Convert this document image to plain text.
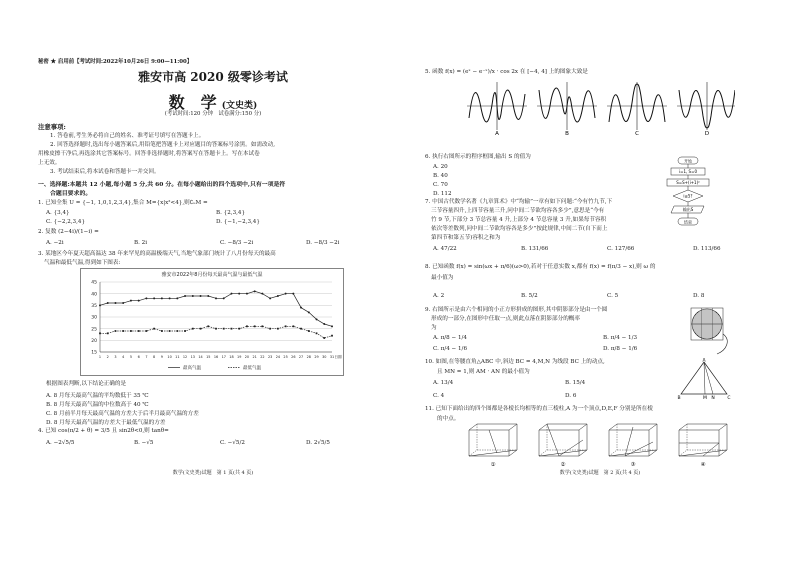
秘密 ★ 启用前【考试时间:2022年10月26日 9:00—11:00】
雅安市高 2020 级零诊考试
数　学 (文史类)
(考试时间:120 分钟　试卷满分:150 分)
注意事项:
1. 答卷前,考生务必将自己的姓名、准考证号填写在答题卡上。
2. 回答选择题时,选出每小题答案后,用铅笔把答题卡上对应题目的答案标号涂黑。如需改动,
用橡皮擦干净后,再选涂其它答案标号。回答非选择题时,将答案写在答题卡上。写在本试卷
上无效。
3. 考试结束后,将本试卷和答题卡一并交回。
一、选择题:本题共 12 小题,每小题 5 分,共 60 分。在每小题给出的四个选项中,只有一项是符
合题目要求的。
1. 已知全集 U = {−1, 1,0,1,2,3,4},集合 M={x|x²<4},则∁ᵤM =
A. {3,4}	B. {2,3,4}
C. {−2,2,3,4}	D. {−1,−2,3,4}
2. 复数 (2−4i)/(1−i) =
A. −2i	B. 2i	C. −8/3 −2i	D. −8/3 −2i
3. 某地区今年夏天超高温达 38 年来罕见的高温极端天气,当地气象部门统计了八月份每天的最高
气温和最低气温,得到如下图表:
雅安市2022年8月份每天最高气温与最低气温
15
20
25
30
35
40
45
1 2 3 4 5 6 7 8 9 10 11 12 13 14 15 16 17 18 19 20 21 22 23 24 25 26 27 28 29 30 31 日期
最高气温	最低气温
根据图表判断,以下结论正确的是
A. 8 月每天最高气温的平均数低于 35 ℃
B. 8 月每天最高气温的中位数高于 40 ℃
C. 8 月前半月每天最高气温的方差大于后半月最高气温的方差
D. 8 月每天最高气温的方差大于最低气温的方差
4. 已知 cos(π/2 + θ) = 3/5 且 sin2θ<0,则 tanθ=
A. −2√5/5	B. −√5	C. −√5/2	D. 2√5/5
数学(文史类)试题　第 1 页(共 4 页)
5. 函数 f(x) = (eˣ − e⁻ˣ)/x · cos 2x 在 [−4, 4] 上的图象大致是
A	B	C	D
6. 执行右图所示的程序框图,输出 S 的值为
A. 20
B. 40
C. 70
D. 112
开始
i=1, S=0
S=S+(i+1)²
i≤5?
输出S
结束
7. 中国古代数学名著《九章算术》中“均输”一章有如下问题:“今有竹九节,下
三节容量四升,上四节容量三升,问中间二节欲均容各多少”,意思是“今有
竹 9 节,下部分 3 节总容量 4 升,上部分 4 节总容量 3 升,如果每节容积
依次等差数列,问中间二节欲均容各是多少”按此规律,中间二节(自下而上
第四节和第五节)容积之和为
A. 47/22	B. 131/66	C. 127/66	D. 113/66
8. 已知函数 f(x) = sin(ωx + π/6)(ω>0),若对于任意实数 x,都有 f(x) = f(π/3 − x),则 ω 的
最小值为
A. 2	B. 5/2	C. 5	D. 8
9. 右图所示是由六个相同的小正方形拼成的图形,其中阴影部分是由一个圆
形成的一部分,在图形中任取一点,则此点落在阴影部分的概率
为
A. π/8 − 1/4	B. π/4 − 1/3
C. π/4 − 1/6	D. π/8 − 1/6
10. 如图,在等腰直角△ABC 中,斜边 BC = 4,M,N 为线段 BC 上的动点,
且 MN = 1,则 AM · AN 的最小值为
A. 13/4	B. 15/4
C. 4	D. 6
A
B	M N	C
11. 已知下面给出的四个图都是各棱长均相等的直三棱柱,A 为一个顶点,D,E,F 分别是所在棱
的中点。
①	②	③	④
数学(文史类)试题　第 2 页(共 4 页)
